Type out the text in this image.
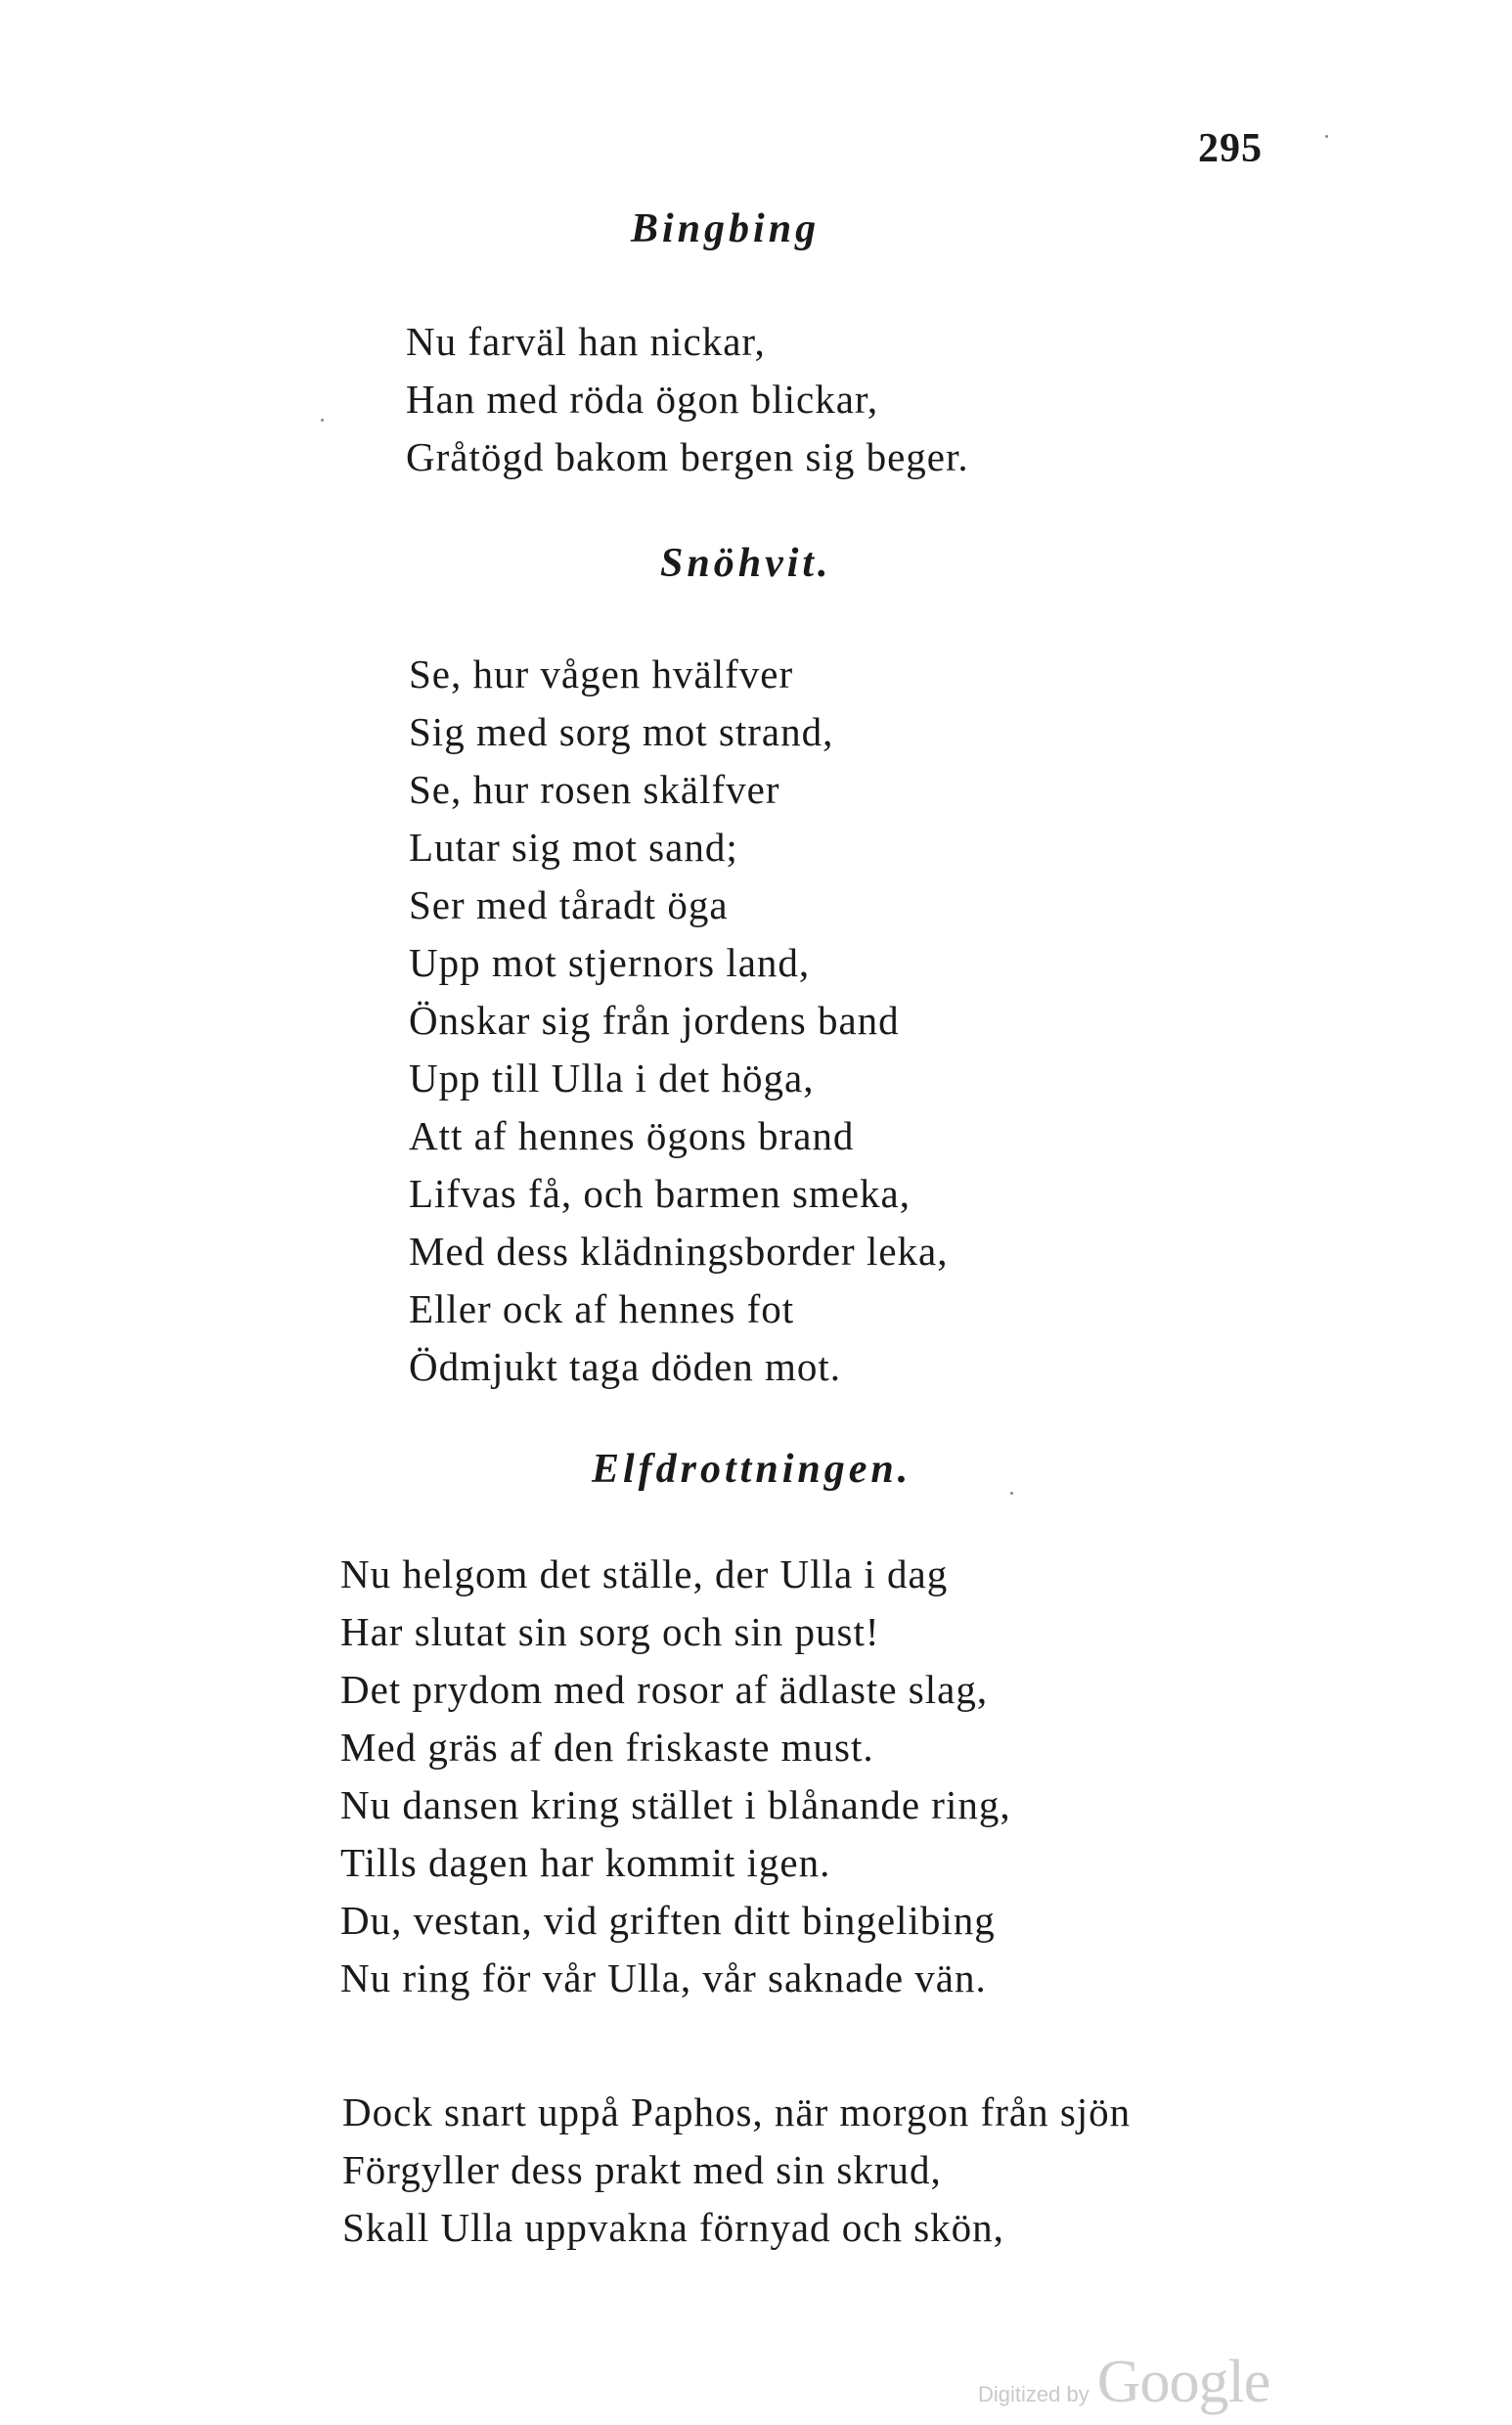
295
Bingbing
Nu farväl han nickar,
Han med röda ögon blickar,
Gråtögd bakom bergen sig beger.
Snöhvit.
Se, hur vågen hvälfver
Sig med sorg mot strand,
Se, hur rosen skälfver
Lutar sig mot sand;
Ser med tåradt öga
Upp mot stjernors land,
Önskar sig från jordens band
Upp till Ulla i det höga,
Att af hennes ögons brand
Lifvas få, och barmen smeka,
Med dess klädningsborder leka,
Eller ock af hennes fot
Ödmjukt taga döden mot.
Elfdrottningen.
Nu helgom det ställe, der Ulla i dag
Har slutat sin sorg och sin pust!
Det prydom med rosor af ädlaste slag,
Med gräs af den friskaste must.
Nu dansen kring stället i blånande ring,
Tills dagen har kommit igen.
Du, vestan, vid griften ditt bingelibing
Nu ring för vår Ulla, vår saknade vän.
Dock snart uppå Paphos, när morgon från sjön
Förgyller dess prakt med sin skrud,
Skall Ulla uppvakna förnyad och skön,
Digitized by Google
